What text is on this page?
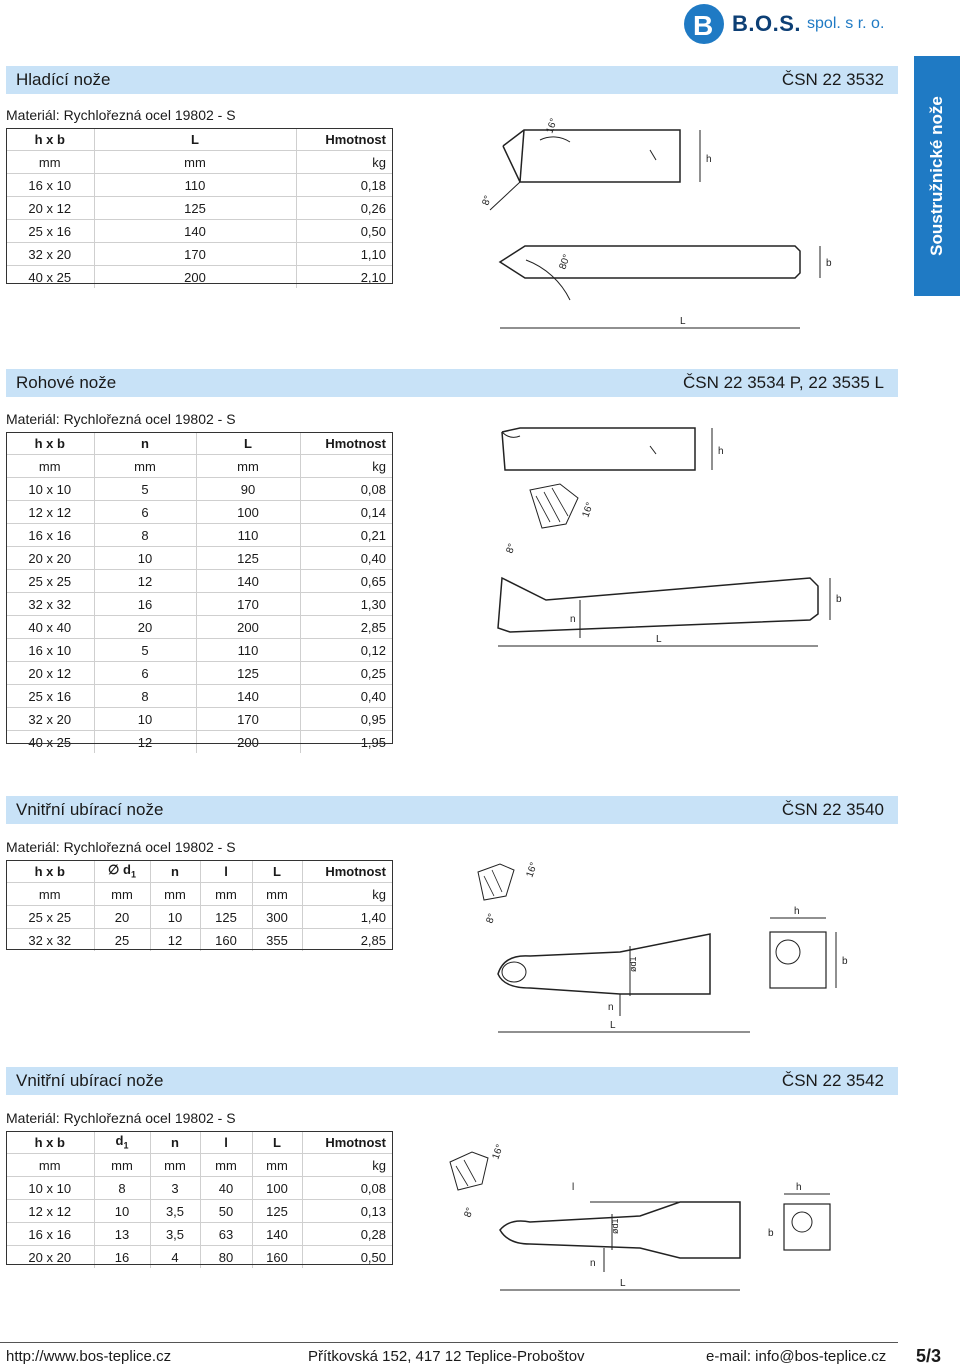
B B.O.S. spol. s r. o.
Soustružnické nože
Hladící nože	ČSN 22 3532
Materiál: Rychlořezná ocel 19802 - S
h x b	L	Hmotnost
mm	mm	kg
16 x 10	110	0,18
20 x 12	125	0,26
25 x 16	140	0,50
32 x 20	170	1,10
40 x 25	200	2,10
h
16°
8°
80°	b
L
Rohové nože	ČSN 22 3534 P, 22 3535 L
Materiál: Rychlořezná ocel 19802 - S
h x b	n	L	Hmotnost
mm	mm	mm	kg
10 x 10	5	90	0,08
12 x 12	6	100	0,14
16 x 16	8	110	0,21
20 x 20	10	125	0,40
25 x 25	12	140	0,65
32 x 32	16	170	1,30
40 x 40	20	200	2,85
16 x 10	5	110	0,12
20 x 12	6	125	0,25
25 x 16	8	140	0,40
32 x 20	10	170	0,95
40 x 25	12	200	1,95
h
16°
8°
b
n
L
Vnitřní ubírací nože	ČSN 22 3540
Materiál: Rychlořezná ocel 19802 - S
h x b	∅ $d_1$	n	l	L	Hmotnost
mm	mm	mm	mm	mm	kg
25 x 25	20	10	125	300	1,40
32 x 32	25	12	160	355	2,85
16°
8°
ød1
n
h
b
L
Vnitřní ubírací nože	ČSN 22 3542
Materiál: Rychlořezná ocel 19802 - S
h x b	$d_1$	n	l	L	Hmotnost
mm	mm	mm	mm	mm	kg
10 x 10	8	3	40	100	0,08
12 x 12	10	3,5	50	125	0,13
16 x 16	13	3,5	63	140	0,28
20 x 20	16	4	80	160	0,50
16°
8°
l
ød1
n
h
L
b
http://www.bos-teplice.cz	Přítkovská 152, 417 12 Teplice-Proboštov	e-mail: info@bos-teplice.cz 5/3
